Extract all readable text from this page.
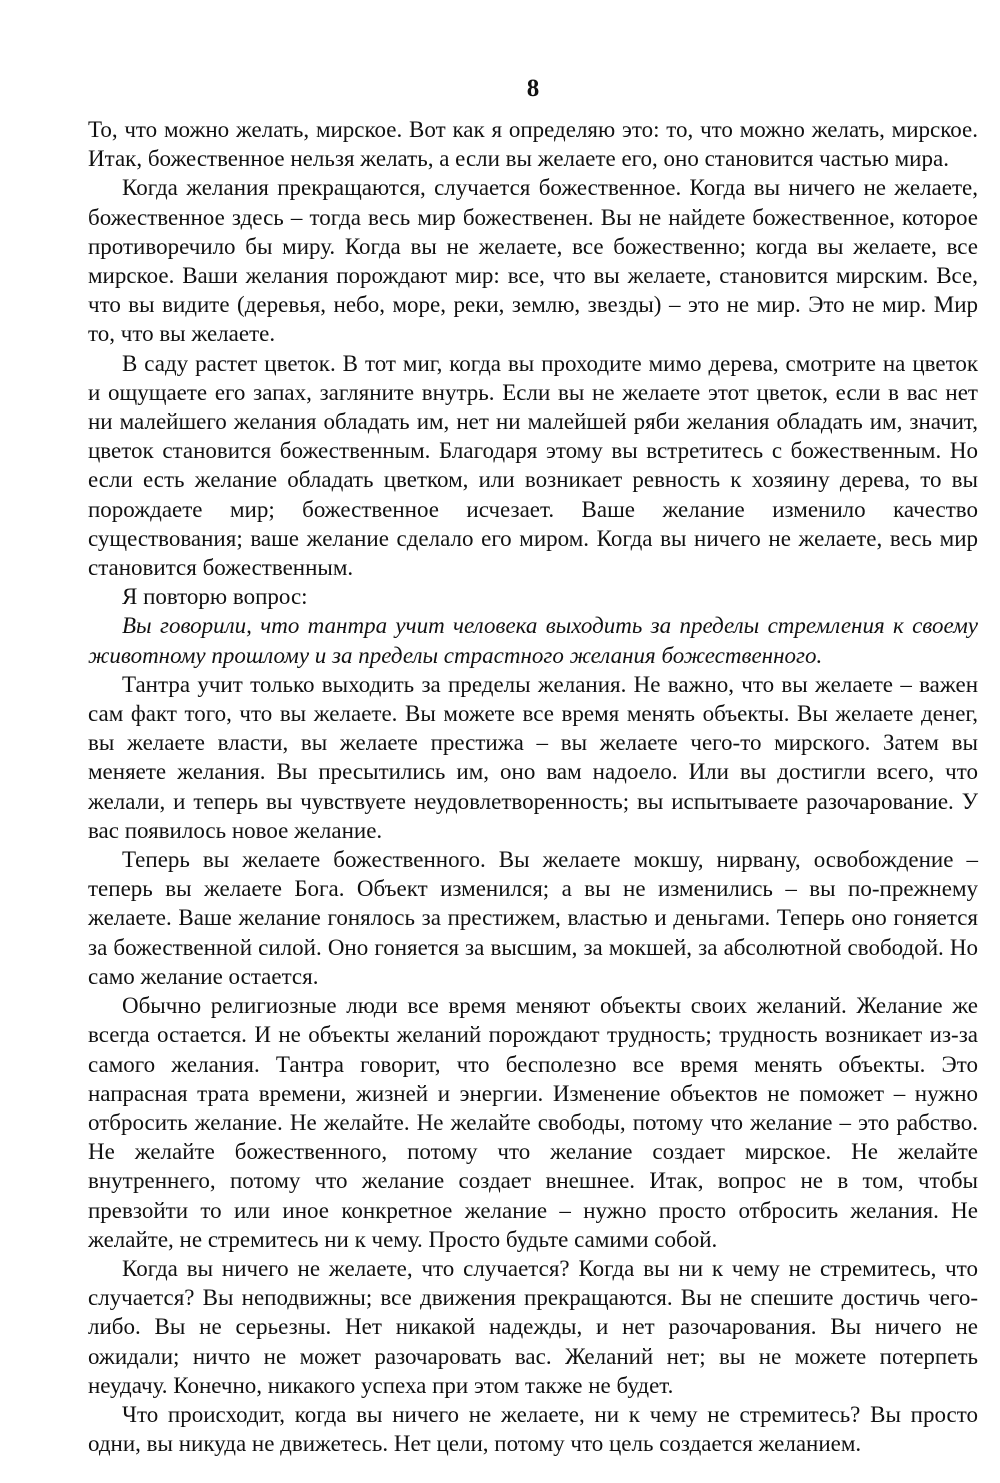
8

То, что можно желать, мирское. Вот как я определяю это: то, что можно желать, мирское. Итак, божественное нельзя желать, а если вы желаете его, оно становится частью мира.

Когда желания прекращаются, случается божественное. Когда вы ничего не желаете, божественное здесь – тогда весь мир божественен. Вы не найдете божественное, которое противоречило бы миру. Когда вы не желаете, все божественно; когда вы желаете, все мирское. Ваши желания порождают мир: все, что вы желаете, становится мирским. Все, что вы видите (деревья, небо, море, реки, землю, звезды) – это не мир. Это не мир. Мир то, что вы желаете.

В саду растет цветок. В тот миг, когда вы проходите мимо дерева, смотрите на цветок и ощущаете его запах, загляните внутрь. Если вы не желаете этот цветок, если в вас нет ни малейшего желания обладать им, нет ни малейшей ряби желания обладать им, значит, цветок становится божественным. Благодаря этому вы встретитесь с божественным. Но если есть желание обладать цветком, или возникает ревность к хозяину дерева, то вы порождаете мир; божественное исчезает. Ваше желание изменило качество существования; ваше желание сделало его миром. Когда вы ничего не желаете, весь мир становится божественным.

Я повторю вопрос:

Вы говорили, что тантра учит человека выходить за пределы стремления к своему животному прошлому и за пределы страстного желания божественного.

Тантра учит только выходить за пределы желания. Не важно, что вы желаете – важен сам факт того, что вы желаете. Вы можете все время менять объекты. Вы желаете денег, вы желаете власти, вы желаете престижа – вы желаете чего-то мирского. Затем вы меняете желания. Вы пресытились им, оно вам надоело. Или вы достигли всего, что желали, и теперь вы чувствуете неудовлетворенность; вы испытываете разочарование. У вас появилось новое желание.

Теперь вы желаете божественного. Вы желаете мокшу, нирвану, освобождение – теперь вы желаете Бога. Объект изменился; а вы не изменились – вы по-прежнему желаете. Ваше желание гонялось за престижем, властью и деньгами. Теперь оно гоняется за божественной силой. Оно гоняется за высшим, за мокшей, за абсолютной свободой. Но само желание остается.

Обычно религиозные люди все время меняют объекты своих желаний. Желание же всегда остается. И не объекты желаний порождают трудность; трудность возникает из-за самого желания. Тантра говорит, что бесполезно все время менять объекты. Это напрасная трата времени, жизней и энергии. Изменение объектов не поможет – нужно отбросить желание. Не желайте. Не желайте свободы, потому что желание – это рабство. Не желайте божественного, потому что желание создает мирское. Не желайте внутреннего, потому что желание создает внешнее. Итак, вопрос не в том, чтобы превзойти то или иное конкретное желание – нужно просто отбросить желания. Не желайте, не стремитесь ни к чему. Просто будьте самими собой.

Когда вы ничего не желаете, что случается? Когда вы ни к чему не стремитесь, что случается? Вы неподвижны; все движения прекращаются. Вы не спешите достичь чего-либо. Вы не серьезны. Нет никакой надежды, и нет разочарования. Вы ничего не ожидали; ничто не может разочаровать вас. Желаний нет; вы не можете потерпеть неудачу. Конечно, никакого успеха при этом также не будет.

Что происходит, когда вы ничего не желаете, ни к чему не стремитесь? Вы просто одни, вы никуда не движетесь. Нет цели, потому что цель создается желанием.
